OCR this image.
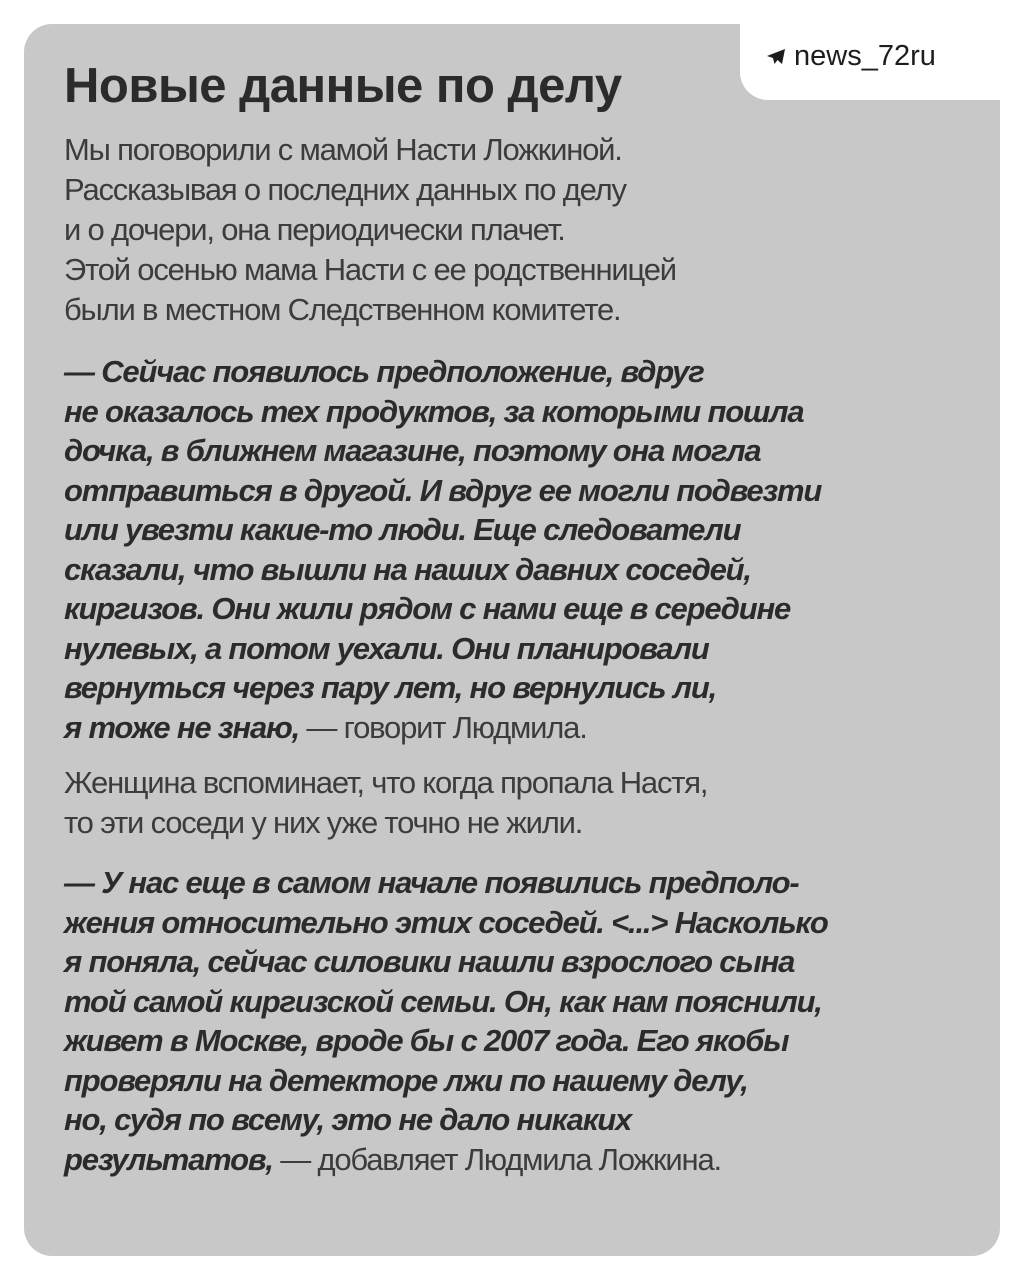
Новые данные по делу

Мы поговорили с мамой Насти Ложкиной.
Рассказывая о последних данных по делу
и о дочери, она периодически плачет.
Этой осенью мама Насти с ее родственницей
были в местном Следственном комитете.

— Сейчас появилось предположение, вдруг
не оказалось тех продуктов, за которыми пошла
дочка, в ближнем магазине, поэтому она могла
отправиться в другой. И вдруг ее могли подвезти
или увезти какие-то люди. Еще следователи
сказали, что вышли на наших давних соседей,
киргизов. Они жили рядом с нами еще в середине
нулевых, а потом уехали. Они планировали
вернуться через пару лет, но вернулись ли,
я тоже не знаю, — говорит Людмила.

Женщина вспоминает, что когда пропала Настя,
то эти соседи у них уже точно не жили.

— У нас еще в самом начале появились предполо-
жения относительно этих соседей. <...> Насколько
я поняла, сейчас силовики нашли взрослого сына
той самой киргизской семьи. Он, как нам пояснили,
живет в Москве, вроде бы с 2007 года. Его якобы
проверяли на детекторе лжи по нашему делу,
но, судя по всему, это не дало никаких
результатов, — добавляет Людмила Ложкина.

news_72ru
